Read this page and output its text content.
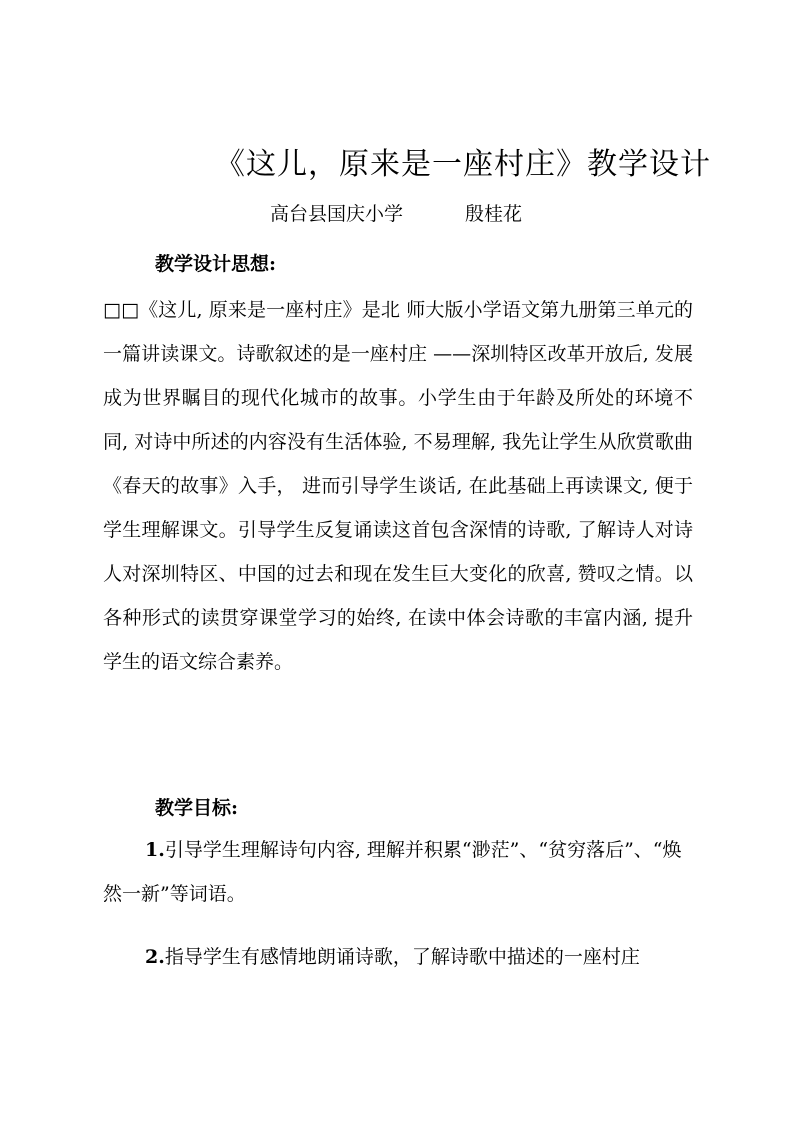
《这儿，原来是一座村庄》教学设计
高台县国庆小学	殷桂花
教学设计思想:

□□《这儿, 原来是一座村庄》是北 师大版小学语文第九册第三单元的一篇讲读课文。诗歌叙述的是一座村庄 ——深圳特区改革开放后, 发展成为世界瞩目的现代化城市的故事。小学生由于年龄及所处的环境不同, 对诗中所述的内容没有生活体验, 不易理解, 我先让学生从欣赏歌曲《春天的故事》入手， 进而引导学生谈话, 在此基础上再读课文, 便于学生理解课文。引导学生反复诵读这首包含深情的诗歌, 了解诗人对诗人对深圳特区、中国的过去和现在发生巨大变化的欣喜, 赞叹之情。以各种形式的读贯穿课堂学习的始终, 在读中体会诗歌的丰富内涵, 提升学生的语文综合素养。

教学目标:

1.引导学生理解诗句内容, 理解并积累“渺茫”、“贫穷落后”、“焕然一新”等词语。

2.指导学生有感情地朗诵诗歌，了解诗歌中描述的一座村庄
